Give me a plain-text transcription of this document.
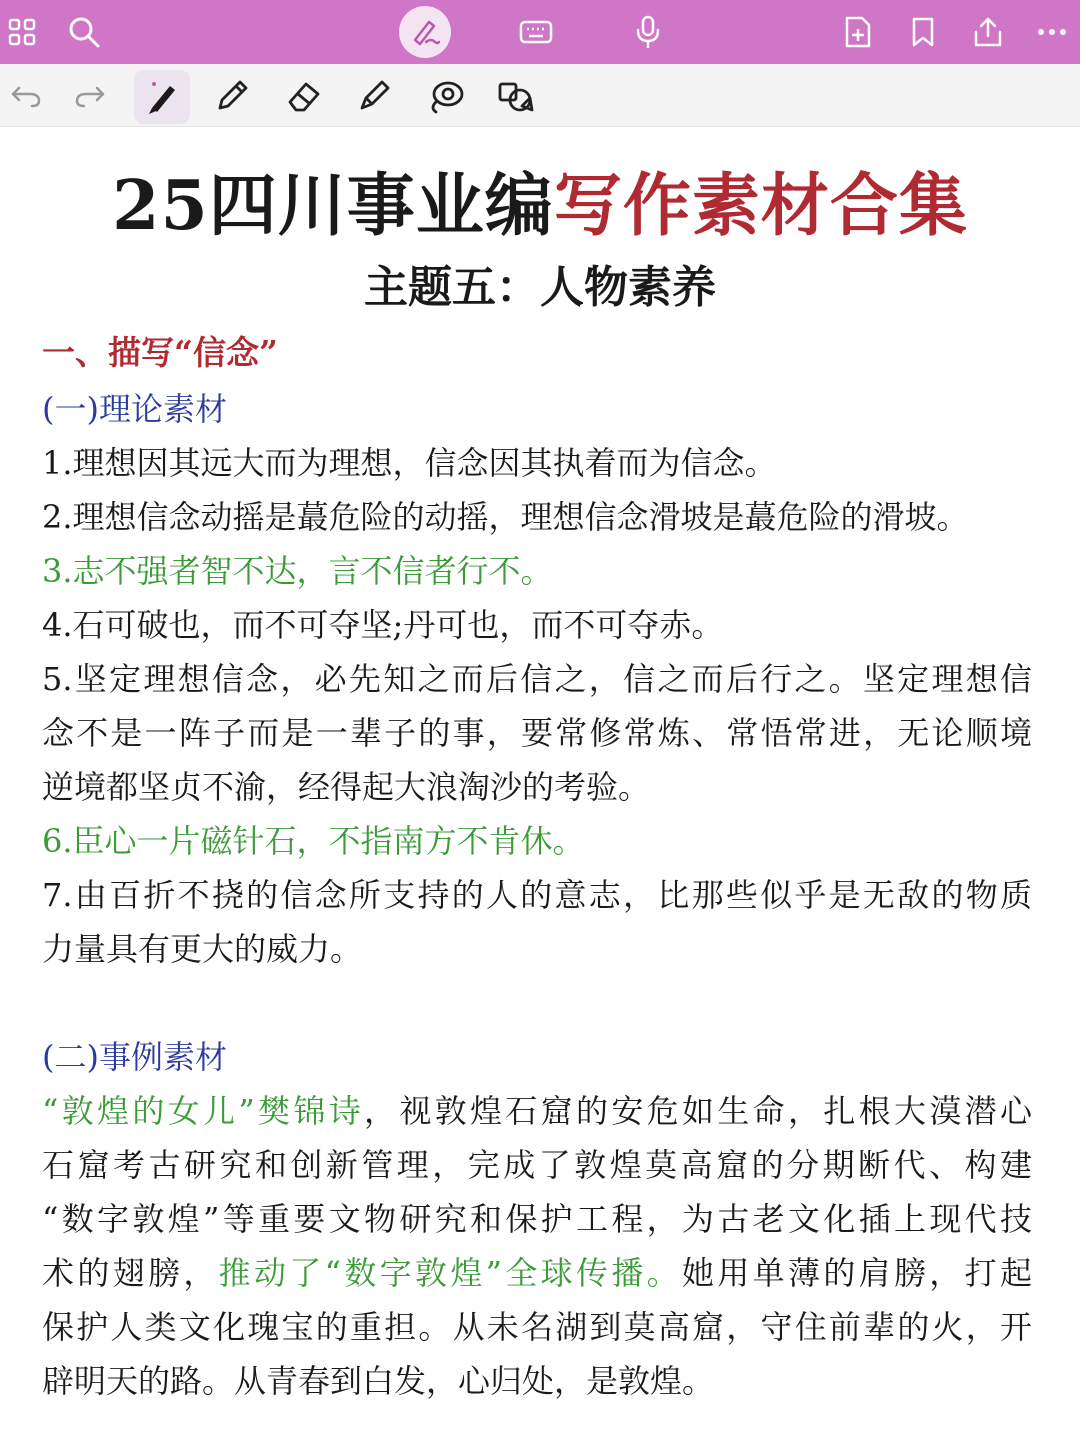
25四川事业编写作素材合集
主题五：人物素养
一、描写“信念”
(一)理论素材
1.理想因其远大而为理想，信念因其执着而为信念。
2.理想信念动摇是蕞危险的动摇，理想信念滑坡是蕞危险的滑坡。
3.志不强者智不达，言不信者行不。
4.石可破也，而不可夺坚;丹可也，而不可夺赤。
5.坚定理想信念，必先知之而后信之，信之而后行之。坚定理想信
念不是一阵子而是一辈子的事，要常修常炼、常悟常进，无论顺境
逆境都坚贞不渝，经得起大浪淘沙的考验。
6.臣心一片磁针石，不指南方不肯休。
7.由百折不挠的信念所支持的人的意志，比那些似乎是无敌的物质
力量具有更大的威力。
(二)事例素材
“敦煌的女儿”樊锦诗，视敦煌石窟的安危如生命，扎根大漠潜心
石窟考古研究和创新管理，完成了敦煌莫高窟的分期断代、构建
“数字敦煌”等重要文物研究和保护工程，为古老文化插上现代技
术的翅膀，推动了“数字敦煌”全球传播。她用单薄的肩膀，打起
保护人类文化瑰宝的重担。从未名湖到莫高窟，守住前辈的火，开
辟明天的路。从青春到白发，心归处，是敦煌。
